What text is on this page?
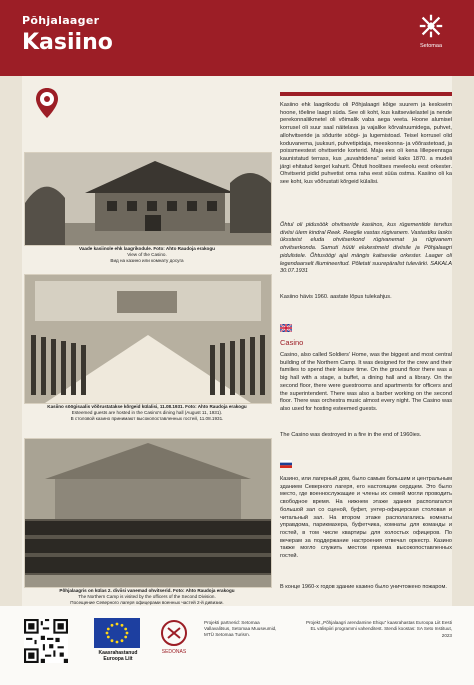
Põhjalaager
Kasiino	Setomaa
Vaade kasiinole ehk laagrikodule. Foto: Ahto Raudoja erakogu
View of the Casino.
Вид на казино или комнату досуга
Kasiino söögisaalis võõrustatakse kõrgeid külalisi, 11.08.1931. Foto: Ahto Raudoja erakogu
Esteemed guests are hosted in the Casino's dining hall (August 11, 1931).
В столовой казино принимают высокопоставленных гостей, 11.08.1931.
Põhjalaagris on külas 2. diviisi vanemad ohvitserid. Foto: Ahto Raudoja erakogu
The Northern Camp is visited by the officers of the Second Division.
Посещение Северного лагеря офицерами военных частей 2-й дивизии.

Kasiino ehk laagrikodu oli Põhjalaagri kõige suurem ja keskseim hoone, tõeline laagri süda. See oli koht, kus kaitseväelastel ja nende perekonnaliikmetel oli võimalik vaba aega veeta. Hoone alumisel korrusel oli suur saal näitelava ja vajalike kõrvalruumidega, puhvet, allohvitseride ja sõdurite söögi- ja lugemistoad. Teisel korrusel olid koduvanema, juuksuri, puhvetipidaja, meeskonna- ja võõrastetoad, ja poissmeestest ohvitseride korterid. Maja ees oli kena lillepeenraga kaunistatud terrass, kus „auvahtidena” seisid kaks 1870. a mudeli järgi ehitatud kerget kahurit. Õhtuti hoolitses meeleolu eest orkester. Ohvitserid pidid puhvetist oma raha eest süüa ostma. Kasiino oli ka see koht, kus võõrustati kõrgeid külalisi.

Õhtul oli pidusöök ohvitseride kasiinos, kus rügementide tervitus diviisi ülem kindral Reek. Reegile vastas rügivanem. Vastastiku laskis ükssteist eluda ohvitserkond rügivanemat ja rügivanem ohvitserkonda. Samuti hüüti elukestmeid diviisile ja Põhjalaagri pidulistele. Õhtusöögi ajal mängis kaitseväe orkester. Laager oli legendaarselt illumineeritud. Põletati suurepäralist tulevärki. SAKALA 30.07.1931

Kasiino hävis 1960. aastate lõpus tulekahjus.

Casino

Casino, also called Soldiers' Home, was the biggest and most central building of the Northern Camp. It was designed for the crew and their families to spend their leisure time. On the ground floor there was a big hall with a stage, a buffet, a dining hall and a library. On the second floor, there were guestrooms and apartments for officers and the superintendent. There was also a barber working on the second floor. There was orchestra music almost every night. The Casino was also used for hosting esteemed guests.

The Casino was destroyed in a fire in the end of 1960ies.

Казино, или лагерный дом, было самым большим и центральным зданием Северного лагеря, его настоящим сердцем. Это было место, где военнослужащие и члены их семей могли проводить свободное время. На нижнем этаже здания располагался большой зал со сценой, буфет, унтер-офицерская столовая и читальный зал. На втором этаже располагались комнаты управдома, парикмахера, буфетчика, комнаты для команды и гостей, в том числе квартиры для холостых офицеров. По вечерам за поддержание настроения отвечал оркестр. Казино также могло служить местом приема высокопоставленных гостей.

В конце 1960-х годов здание казино было уничтожено пожаром.

Kaasrahastanud Euroopa Liit
SEDONAS
Projekti partnerid: Setomaa Vallavalitsus, Setomaa Muuseumid, MTÜ Setomaa Turism.
Projekt „Põhjalaagri arendamine Ehiqu” kaasrahastas Euroopa Liit Eesti EL välispiiri programmi vahenditest. Stendi koostas: SA Seto Instituut, 2023
